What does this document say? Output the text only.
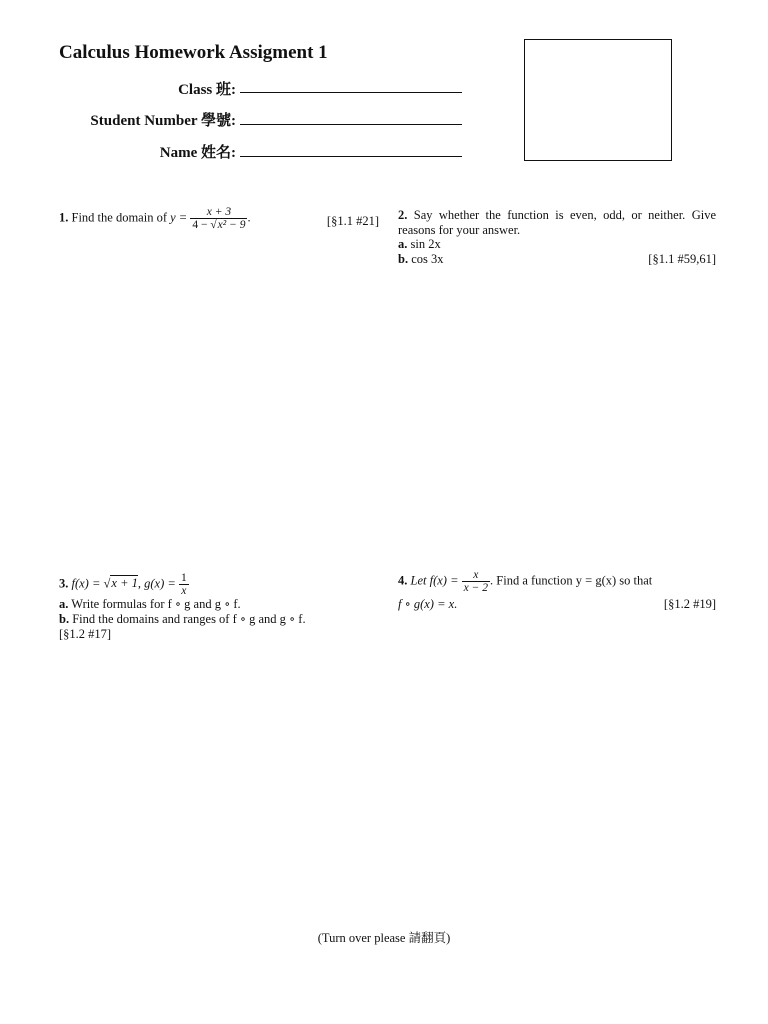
Calculus Homework Assigment 1
Class 班:
Student Number 學號:
Name 姓名:
1. Find the domain of $y = \frac{x + 3}{\text{4 − √x² − 9}}$ .	[§1.1 #21] 2. Say whether the function is even, odd, or neither. Give reasons for your answer.
a. sin 2x
b. cos 3x	[§1.1 #59,61]
3. f(x) = √x + 1, $g(x) = \frac{1}{x}$
a. Write formulas for f ∘ g and g ∘ f.
b. Find the domains and ranges of f ∘ g and g ∘ f.
[§1.2 #17]
4. Let $f(x) = \frac{x}{x - 2}$ . Find a function y = g(x) so that
f ∘ g(x) = x.	[§1.2 #19]
(Turn over please 請翻頁)
